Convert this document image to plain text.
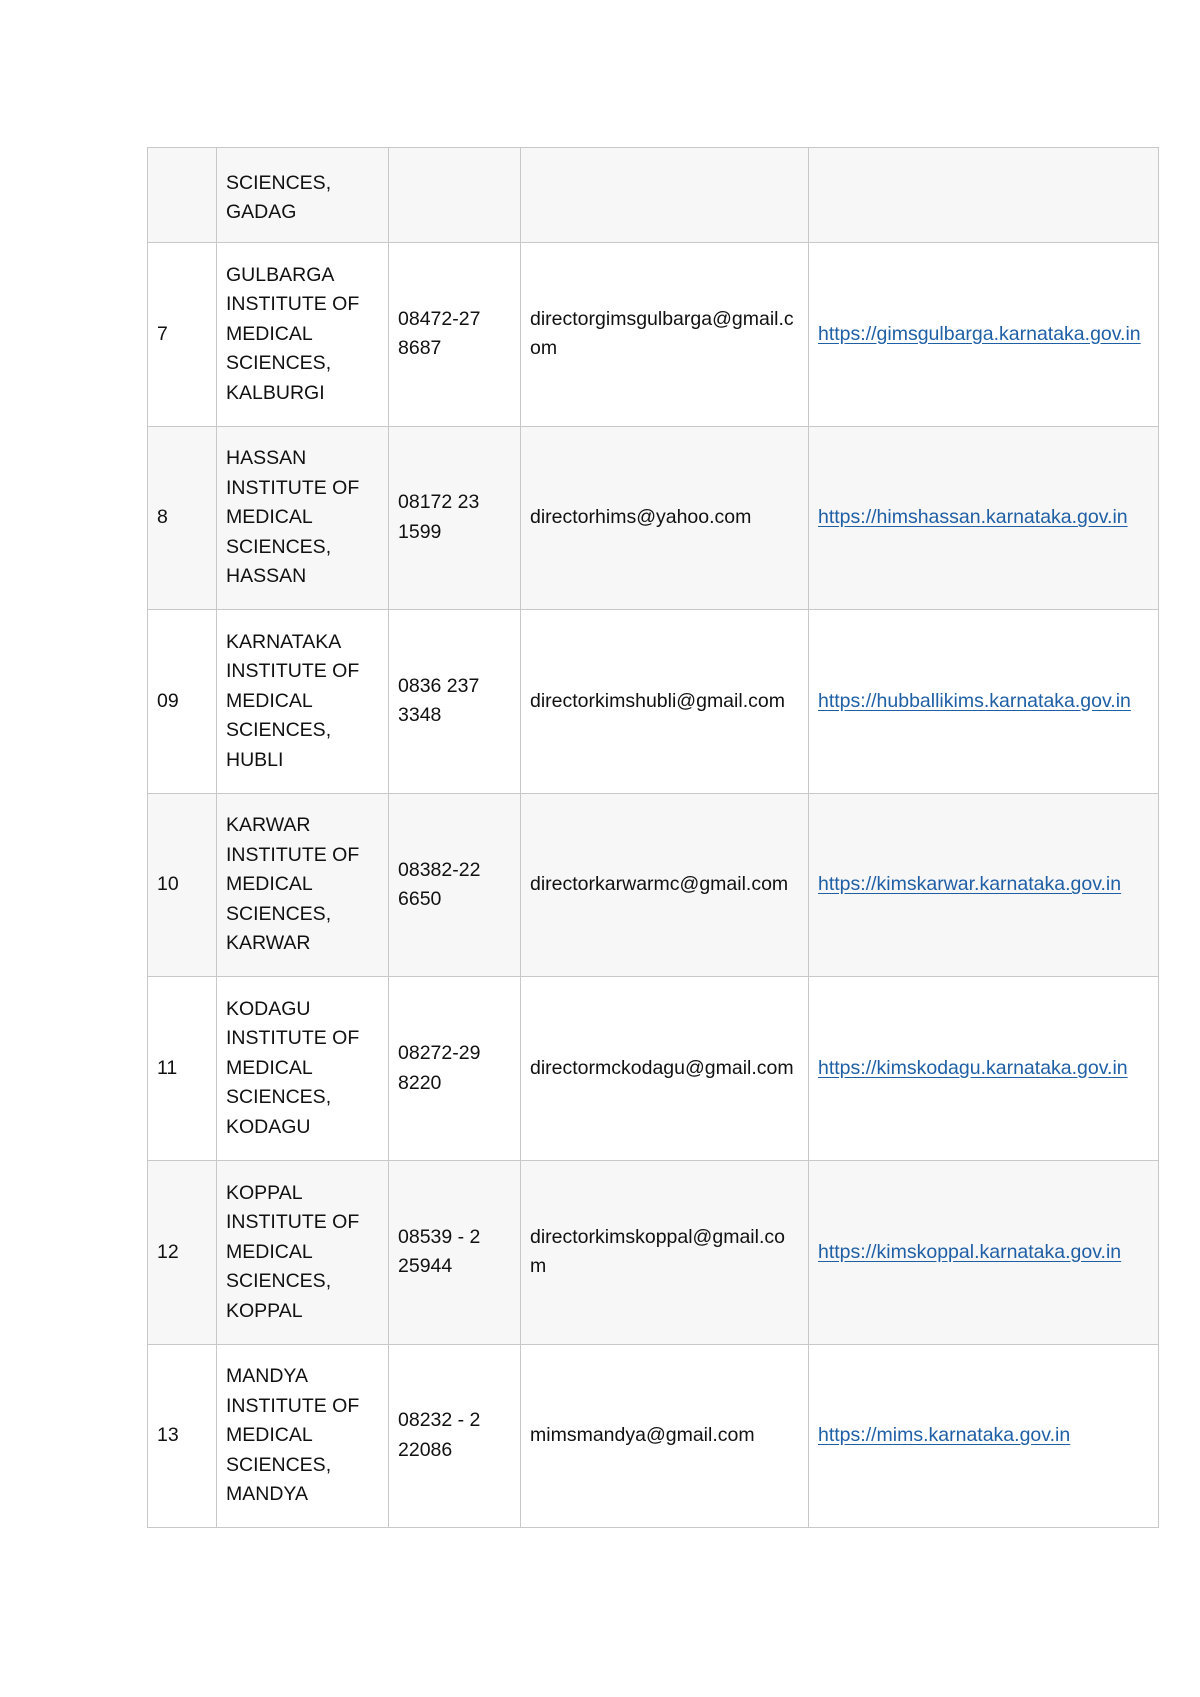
	SCIENCES,
GADAG			

7	GULBARGA
INSTITUTE OF
MEDICAL
SCIENCES,
KALBURGI	08472-278687	directorgimsgulbarga@gmail.com	https://gimsgulbarga.karnataka.gov.in
8	HASSAN
INSTITUTE OF
MEDICAL
SCIENCES,
HASSAN	08172 231599	directorhims@yahoo.com	https://himshassan.karnataka.gov.in
09	KARNATAKA
INSTITUTE OF
MEDICAL
SCIENCES,
HUBLI	0836 237 3348	directorkimshubli@gmail.com	https://hubballikims.karnataka.gov.in
10	KARWAR
INSTITUTE OF
MEDICAL
SCIENCES,
KARWAR	08382-226650	directorkarwarmc@gmail.com	https://kimskarwar.karnataka.gov.in
11	KODAGU
INSTITUTE OF
MEDICAL
SCIENCES,
KODAGU	08272-298220	directormckodagu@gmail.com	https://kimskodagu.karnataka.gov.in
12	KOPPAL
INSTITUTE OF
MEDICAL
SCIENCES,
KOPPAL	08539 - 225944	directorkimskoppal@gmail.com	https://kimskoppal.karnataka.gov.in
13	MANDYA
INSTITUTE OF
MEDICAL
SCIENCES,
MANDYA	08232 - 222086	mimsmandya@gmail.com	https://mims.karnataka.gov.in
